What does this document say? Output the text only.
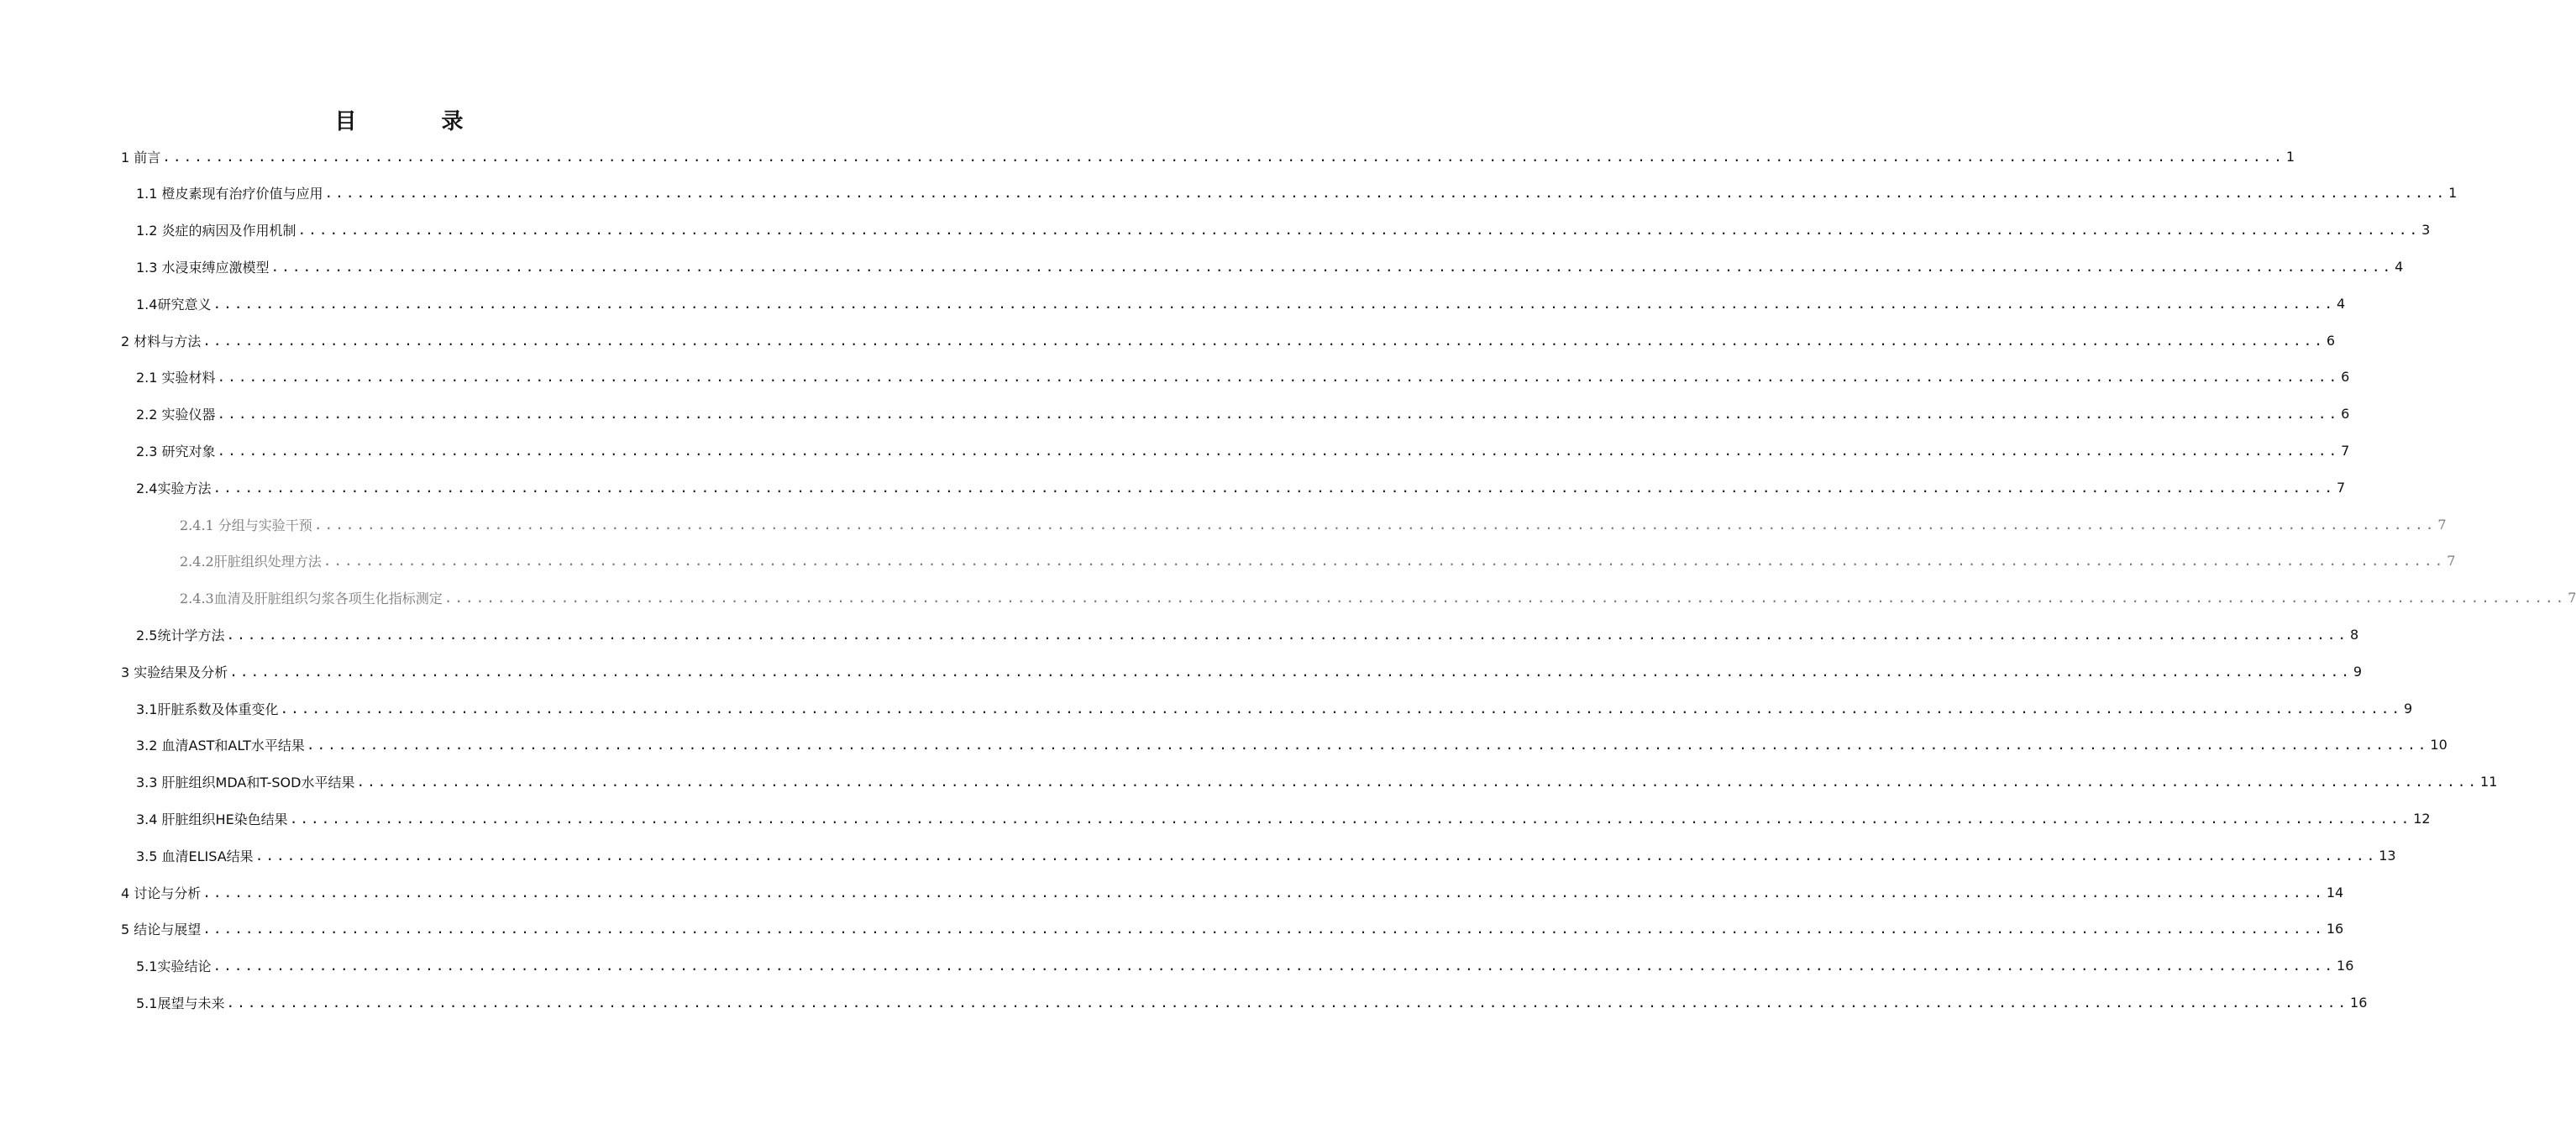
目 录
1 前言 ........................................................................................................................................................................................................ 1
1.1 橙皮素现有治疗价值与应用 ........................................................................................................................................................................................................ 1
1.2 炎症的病因及作用机制 ........................................................................................................................................................................................................ 3
1.3 水浸束缚应激模型 ........................................................................................................................................................................................................ 4
1.4研究意义 ........................................................................................................................................................................................................ 4
2 材料与方法 ........................................................................................................................................................................................................ 6
2.1 实验材料 ........................................................................................................................................................................................................ 6
2.2 实验仪器 ........................................................................................................................................................................................................ 6
2.3 研究对象 ........................................................................................................................................................................................................ 7
2.4实验方法 ........................................................................................................................................................................................................ 7
2.4.1 分组与实验干预 ........................................................................................................................................................................................................ 7
2.4.2肝脏组织处理方法 ........................................................................................................................................................................................................ 7
2.4.3血清及肝脏组织匀浆各项生化指标测定 ........................................................................................................................................................................................................ 7
2.5统计学方法 ........................................................................................................................................................................................................ 8
3 实验结果及分析 ........................................................................................................................................................................................................ 9
3.1肝脏系数及体重变化 ........................................................................................................................................................................................................ 9
3.2 血清AST和ALT水平结果 ........................................................................................................................................................................................................ 10
3.3 肝脏组织MDA和T-SOD水平结果 ........................................................................................................................................................................................................ 11
3.4 肝脏组织HE染色结果 ........................................................................................................................................................................................................ 12
3.5 血清ELISA结果 ........................................................................................................................................................................................................ 13
4 讨论与分析 ........................................................................................................................................................................................................ 14
5 结论与展望 ........................................................................................................................................................................................................ 16
5.1实验结论 ........................................................................................................................................................................................................ 16
5.1展望与未来 ........................................................................................................................................................................................................ 16
